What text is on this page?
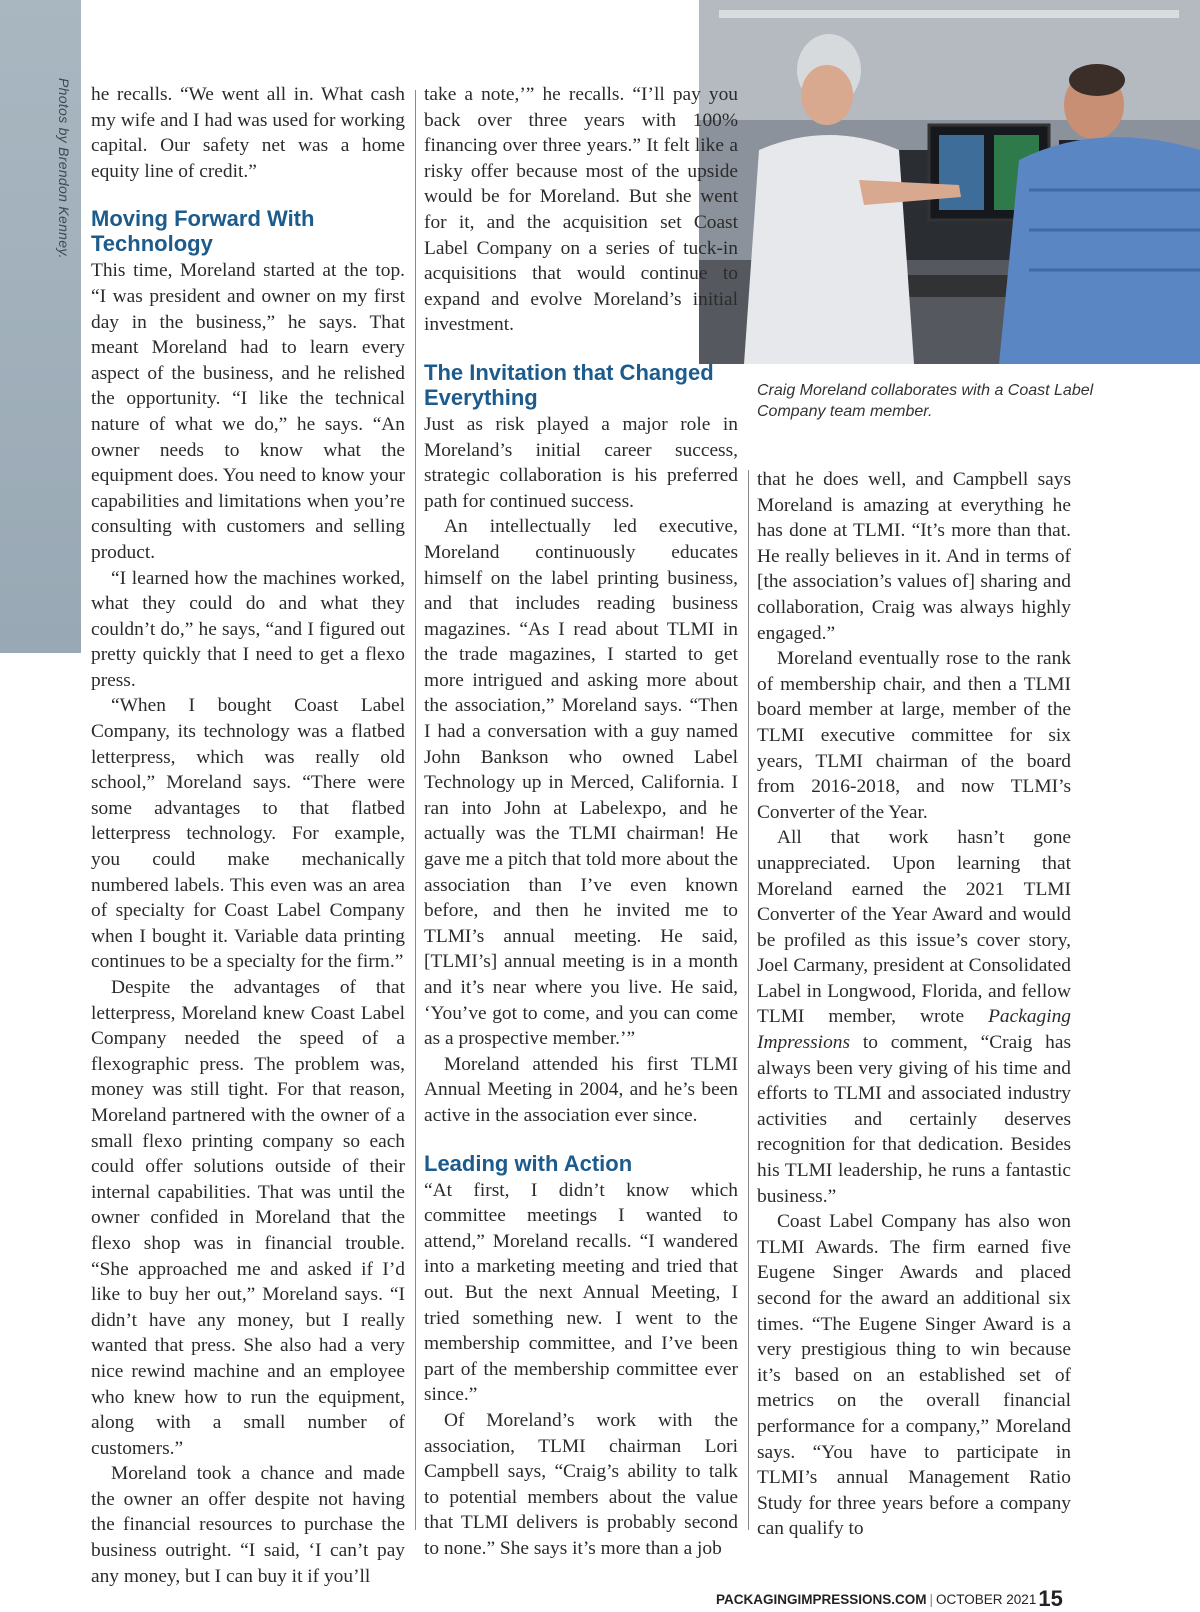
Photos by Brendon Kenney.
Craig Moreland collaborates with a Coast Label Company team member.

he recalls. “We went all in. What cash my wife and I had was used for working capital. Our safety net was a home equity line of credit.”

Moving Forward With Technology

This time, Moreland started at the top. “I was president and owner on my first day in the business,” he says. That meant Moreland had to learn every aspect of the business, and he relished the opportunity. “I like the technical nature of what we do,” he says. “An owner needs to know what the equipment does. You need to know your capabilities and limitations when you’re consulting with customers and selling product.

“I learned how the machines worked, what they could do and what they couldn’t do,” he says, “and I figured out pretty quickly that I need to get a flexo press.

“When I bought Coast Label Company, its technology was a flatbed letterpress, which was really old school,” Moreland says. “There were some advantages to that flatbed letterpress technology. For example, you could make mechanically numbered labels. This even was an area of specialty for Coast Label Company when I bought it. Variable data printing continues to be a specialty for the firm.”

Despite the advantages of that letterpress, Moreland knew Coast Label Company needed the speed of a flexographic press. The problem was, money was still tight. For that reason, Moreland partnered with the owner of a small flexo printing company so each could offer solutions outside of their internal capabilities. That was until the owner confided in Moreland that the flexo shop was in financial trouble. “She approached me and asked if I’d like to buy her out,” Moreland says. “I didn’t have any money, but I really wanted that press. She also had a very nice rewind machine and an employee who knew how to run the equipment, along with a small number of customers.”

Moreland took a chance and made the owner an offer despite not having the financial resources to purchase the business outright. “I said, ‘I can’t pay any money, but I can buy it if you’ll

take a note,’” he recalls. “I’ll pay you back over three years with 100% financing over three years.” It felt like a risky offer because most of the upside would be for Moreland. But she went for it, and the acquisition set Coast Label Company on a series of tuck-in acquisitions that would continue to expand and evolve Moreland’s initial investment.

The Invitation that Changed Everything

Just as risk played a major role in Moreland’s initial career success, strategic collaboration is his preferred path for continued success.

An intellectually led executive, Moreland continuously educates himself on the label printing business, and that includes reading business magazines. “As I read about TLMI in the trade magazines, I started to get more intrigued and asking more about the association,” Moreland says. “Then I had a conversation with a guy named John Bankson who owned Label Technology up in Merced, California. I ran into John at Labelexpo, and he actually was the TLMI chairman! He gave me a pitch that told more about the association than I’ve even known before, and then he invited me to TLMI’s annual meeting. He said, [TLMI’s] annual meeting is in a month and it’s near where you live. He said, ‘You’ve got to come, and you can come as a prospective member.’”

Moreland attended his first TLMI Annual Meeting in 2004, and he’s been active in the association ever since.

Leading with Action

“At first, I didn’t know which committee meetings I wanted to attend,” Moreland recalls. “I wandered into a marketing meeting and tried that out. But the next Annual Meeting, I tried something new. I went to the membership committee, and I’ve been part of the membership committee ever since.”

Of Moreland’s work with the association, TLMI chairman Lori Campbell says, “Craig’s ability to talk to potential members about the value that TLMI delivers is probably second to none.” She says it’s more than a job

that he does well, and Campbell says Moreland is amazing at everything he has done at TLMI. “It’s more than that. He really believes in it. And in terms of [the association’s values of] sharing and collaboration, Craig was always highly engaged.”

Moreland eventually rose to the rank of membership chair, and then a TLMI board member at large, member of the TLMI executive committee for six years, TLMI chairman of the board from 2016-2018, and now TLMI’s Converter of the Year.

All that work hasn’t gone unappreciated. Upon learning that Moreland earned the 2021 TLMI Converter of the Year Award and would be profiled as this issue’s cover story, Joel Carmany, president at Consolidated Label in Longwood, Florida, and fellow TLMI member, wrote Packaging Impressions to comment, “Craig has always been very giving of his time and efforts to TLMI and associated industry activities and certainly deserves recognition for that dedication. Besides his TLMI leadership, he runs a fantastic business.”

Coast Label Company has also won TLMI Awards. The firm earned five Eugene Singer Awards and placed second for the award an additional six times. “The Eugene Singer Award is a very prestigious thing to win because it’s based on an established set of metrics on the overall financial performance for a company,” Moreland says. “You have to participate in TLMI’s annual Management Ratio Study for three years before a company can qualify to

PACKAGINGIMPRESSIONS.COM | OCTOBER 202115
